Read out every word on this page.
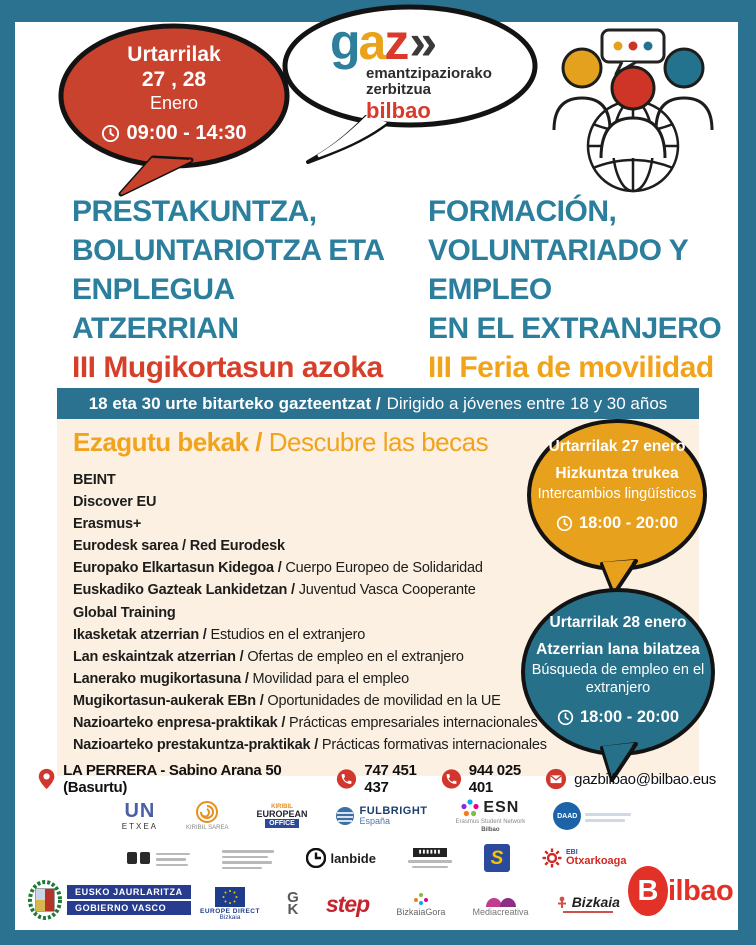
Urtarrilak
27 , 28
Enero
09:00 - 14:30
gaz»
emantzipaziorako
zerbitzua
bilbao
PRESTAKUNTZA,
BOLUNTARIOTZA ETA
ENPLEGUA
ATZERRIAN
III Mugikortasun azoka
FORMACIÓN,
VOLUNTARIADO Y
EMPLEO
EN EL EXTRANJERO
III Feria de movilidad
18 eta 30 urte bitarteko gazteentzat / Dirigido a jóvenes entre 18 y 30 años
Ezagutu bekak / Descubre las becas
BEINT
Discover EU
Erasmus+
Eurodesk sarea / Red Eurodesk
Europako Elkartasun Kidegoa / Cuerpo Europeo de Solidaridad
Euskadiko Gazteak Lankidetzan / Juventud Vasca Cooperante
Global Training
Ikasketak atzerrian / Estudios en el extranjero
Lan eskaintzak atzerrian / Ofertas de empleo en el extranjero
Lanerako mugikortasuna / Movilidad para el empleo
Mugikortasun-aukerak EBn / Oportunidades de movilidad en la UE
Nazioarteko enpresa-praktikak / Prácticas empresariales internacionales
Nazioarteko prestakuntza-praktikak / Prácticas formativas internacionales
Urtarrilak 27 enero
Hizkuntza trukea
Intercambios lingüísticos
18:00 - 20:00
Urtarrilak 28 enero
Atzerrian lana bilatzea
Búsqueda de empleo en el extranjero
18:00 - 20:00
LA PERRERA - Sabino Arana 50 (Basurtu)
747 451 437
944 025 401	gazbilbao@bilbao.eus
UN
ETXEA	KIRIBIL SAREA
KIRIBIL
EUROPEAN
OFFICE
FULBRIGHT
España
ESN
Erasmus Student Network
Bilbao
DAAD
lanbide	▮▮▮▮▮▮	S	EBI
Otxarkoaga
EUROPE DIRECT
Bizkaia
G
K step	BizkaiaGora	Mediacreativa
Bizkaia
EUSKO JAURLARITZA
GOBIERNO VASCO
B ilbao
